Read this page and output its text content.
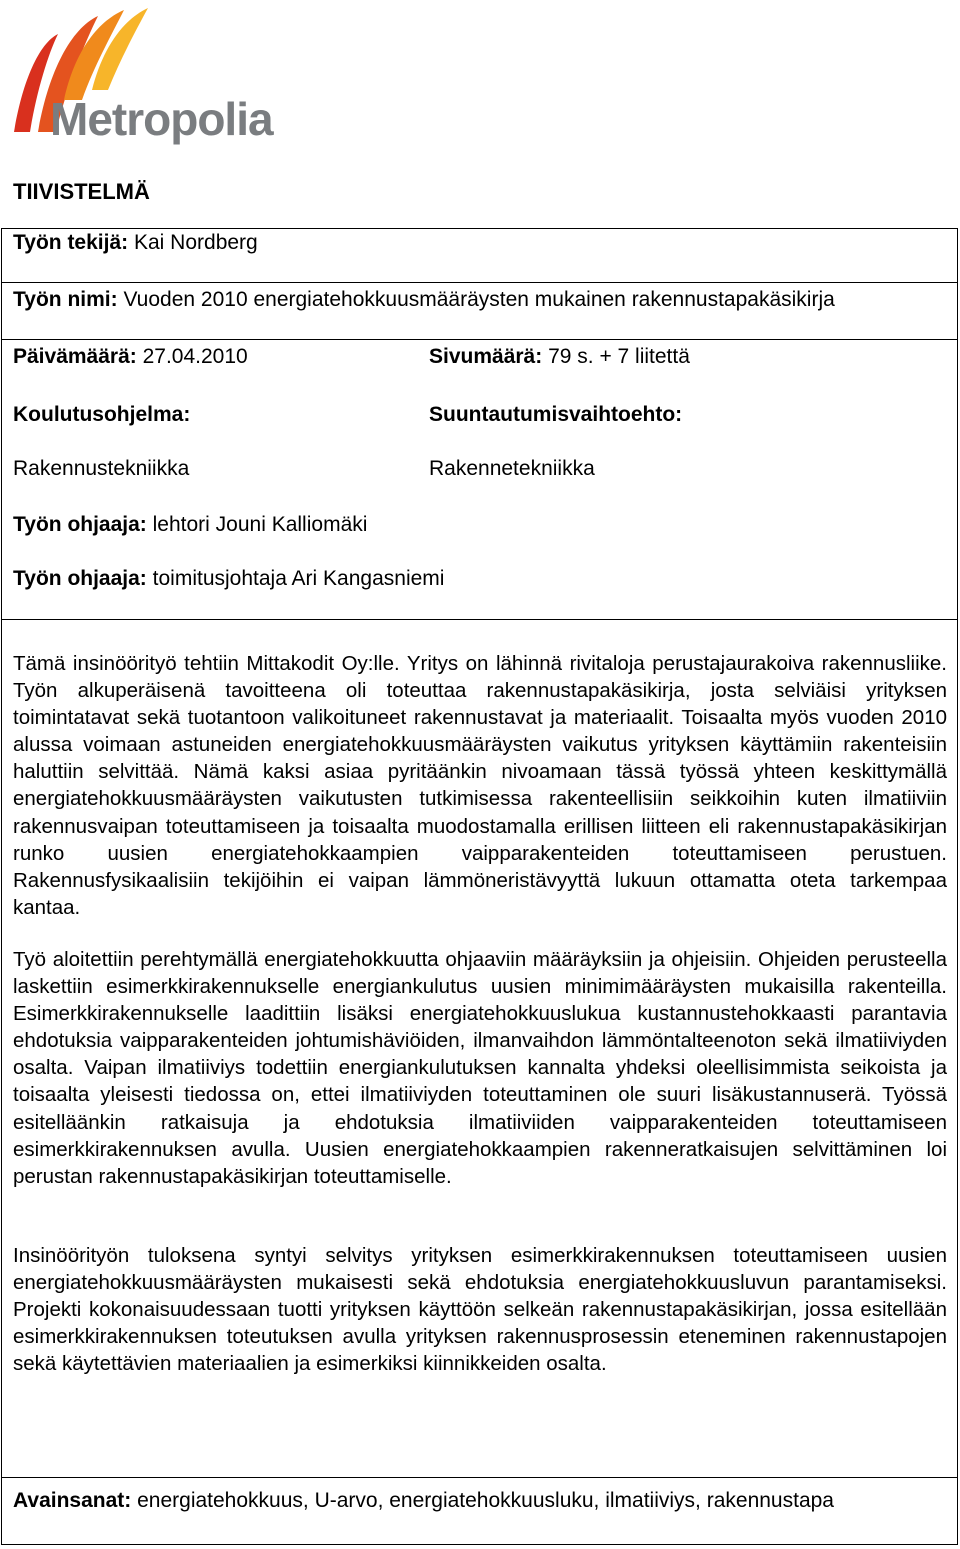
Metropolia
TIIVISTELMÄ
Työn tekijä: Kai Nordberg
Työn nimi: Vuoden 2010 energiatehokkuusmääräysten mukainen rakennustapakäsikirja
Päivämäärä: 27.04.2010	Sivumäärä: 79 s. + 7 liitettä
Koulutusohjelma:	Suuntautumisvaihtoehto:
Rakennustekniikka	Rakennetekniikka
Työn ohjaaja: lehtori Jouni Kalliomäki
Työn ohjaaja: toimitusjohtaja Ari Kangasniemi

Tämä insinöörityö tehtiin Mittakodit Oy:lle. Yritys on lähinnä rivitaloja perustajaurakoiva rakennusliike. Työn alkuperäisenä tavoitteena oli toteuttaa rakennustapakäsikirja, josta selviäisi yrityksen toimintatavat sekä tuotantoon valikoituneet rakennustavat ja materiaalit. Toisaalta myös vuoden 2010 alussa voimaan astuneiden energiatehokkuusmääräysten vaikutus yrityksen käyttämiin rakenteisiin haluttiin selvittää. Nämä kaksi asiaa pyritäänkin nivoamaan tässä työssä yhteen keskittymällä energiatehokkuusmääräysten vaikutusten tutkimisessa rakenteellisiin seikkoihin kuten ilmatiiviin rakennusvaipan toteuttamiseen ja toisaalta muodostamalla erillisen liitteen eli rakennustapakäsikirjan runko uusien energiatehokkaampien vaipparakenteiden toteuttamiseen perustuen. Rakennusfysikaalisiin tekijöihin ei vaipan lämmöneristävyyttä lukuun ottamatta oteta tarkempaa kantaa.

Työ aloitettiin perehtymällä energiatehokkuutta ohjaaviin määräyksiin ja ohjeisiin. Ohjeiden perusteella laskettiin esimerkkirakennukselle energiankulutus uusien minimimääräysten mukaisilla rakenteilla. Esimerkkirakennukselle laadittiin lisäksi energiatehokkuuslukua kustannustehokkaasti parantavia ehdotuksia vaipparakenteiden johtumishäviöiden, ilmanvaihdon lämmöntalteenoton sekä ilmatiiviyden osalta. Vaipan ilmatiiviys todettiin energiankulutuksen kannalta yhdeksi oleellisimmista seikoista ja toisaalta yleisesti tiedossa on, ettei ilmatiiviyden toteuttaminen ole suuri lisäkustannuserä. Työssä esitelläänkin ratkaisuja ja ehdotuksia ilmatiiviiden vaipparakenteiden toteuttamiseen esimerkkirakennuksen avulla. Uusien energiatehokkaampien rakenneratkaisujen selvittäminen loi perustan rakennustapakäsikirjan toteuttamiselle.

Insinöörityön tuloksena syntyi selvitys yrityksen esimerkkirakennuksen toteuttamiseen uusien energiatehokkuusmääräysten mukaisesti sekä ehdotuksia energiatehokkuusluvun parantamiseksi. Projekti kokonaisuudessaan tuotti yrityksen käyttöön selkeän rakennustapakäsikirjan, jossa esitellään esimerkkirakennuksen toteutuksen avulla yrityksen rakennusprosessin eteneminen rakennustapojen sekä käytettävien materiaalien ja esimerkiksi kiinnikkeiden osalta.

Avainsanat: energiatehokkuus, U-arvo, energiatehokkuusluku, ilmatiiviys, rakennustapa
